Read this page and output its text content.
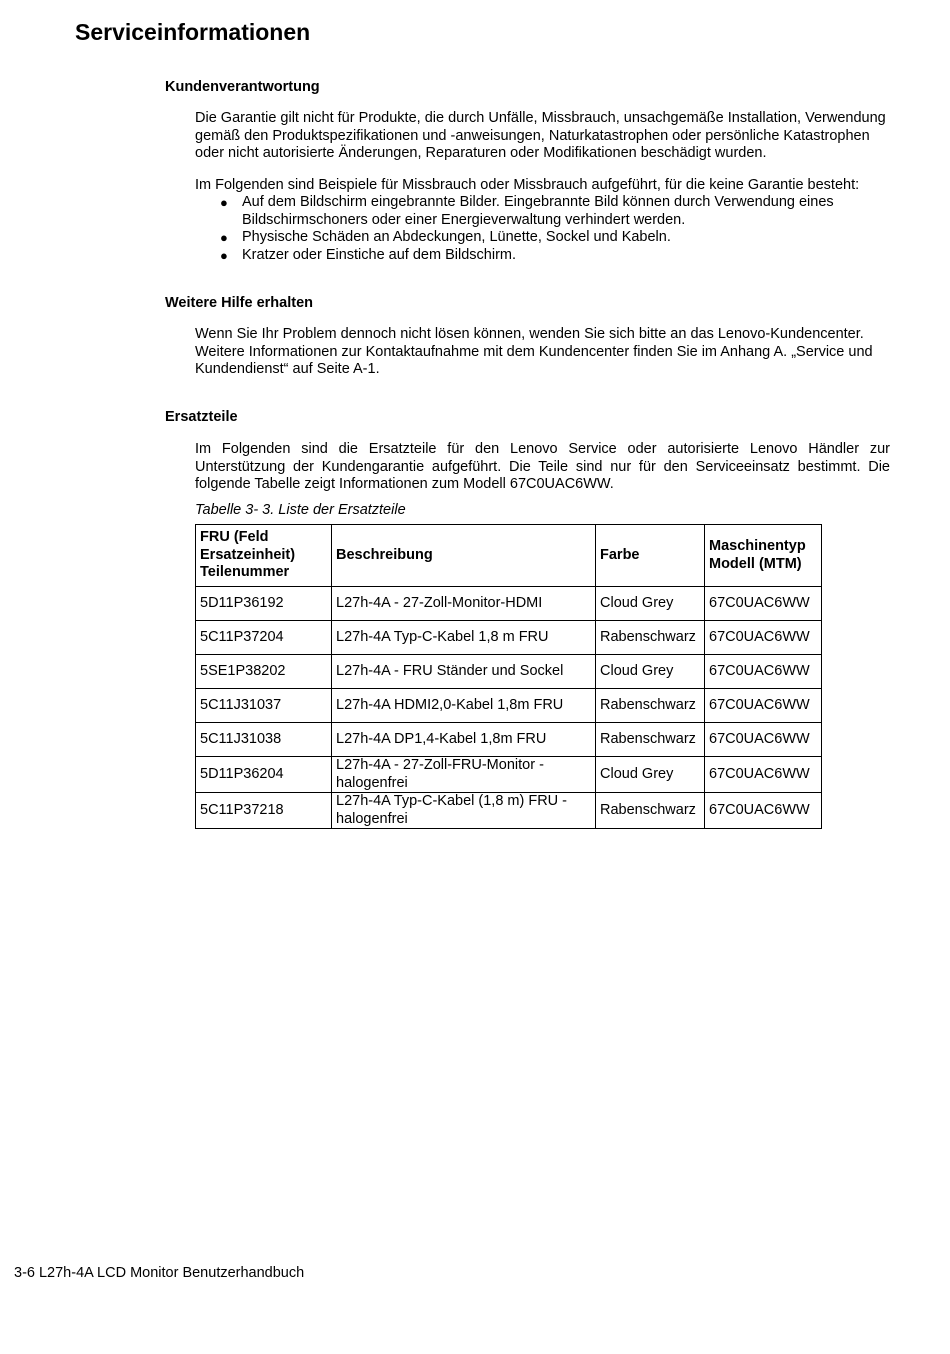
Serviceinformationen
Kundenverantwortung

Die Garantie gilt nicht für Produkte, die durch Unfälle, Missbrauch, unsachgemäße Installation, Verwendung gemäß den Produktspezifikationen und -anweisungen, Naturkatastrophen oder persönliche Katastrophen oder nicht autorisierte Änderungen, Reparaturen oder Modifikationen beschädigt wurden.

Im Folgenden sind Beispiele für Missbrauch oder Missbrauch aufgeführt, für die keine Garantie besteht:

● Auf dem Bildschirm eingebrannte Bilder. Eingebrannte Bild können durch Verwendung eines Bildschirmschoners oder einer Energieverwaltung verhindert werden.
● Physische Schäden an Abdeckungen, Lünette, Sockel und Kabeln.
● Kratzer oder Einstiche auf dem Bildschirm.
Weitere Hilfe erhalten

Wenn Sie Ihr Problem dennoch nicht lösen können, wenden Sie sich bitte an das Lenovo-Kundencenter. Weitere Informationen zur Kontaktaufnahme mit dem Kundencenter finden Sie im Anhang A. „Service und Kundendienst“ auf Seite A-1.

Ersatzteile

Im Folgenden sind die Ersatzteile für den Lenovo Service oder autorisierte Lenovo Händler zur Unterstützung der Kundengarantie aufgeführt. Die Teile sind nur für den Serviceeinsatz bestimmt. Die folgende Tabelle zeigt Informationen zum Modell 67C0UAC6WW.

Tabelle 3- 3. Liste der Ersatzteile

FRU (Feld Ersatzeinheit) Teilenummer	Beschreibung	Farbe	Maschinentyp Modell (MTM)
5D11P36192	L27h-4A - 27-Zoll-Monitor-HDMI	Cloud Grey	67C0UAC6WW
5C11P37204	L27h-4A Typ-C-Kabel 1,8 m FRU	Rabenschwarz	67C0UAC6WW
5SE1P38202	L27h-4A - FRU Ständer und Sockel	Cloud Grey	67C0UAC6WW
5C11J31037	L27h-4A HDMI2,0-Kabel 1,8m FRU	Rabenschwarz	67C0UAC6WW
5C11J31038	L27h-4A DP1,4-Kabel 1,8m FRU	Rabenschwarz	67C0UAC6WW
5D11P36204	L27h-4A - 27-Zoll-FRU-Monitor - halogenfrei	Cloud Grey	67C0UAC6WW
5C11P37218	L27h-4A Typ-C-Kabel (1,8 m) FRU - halogenfrei	Rabenschwarz	67C0UAC6WW

3-6 L27h-4A LCD Monitor Benutzerhandbuch
